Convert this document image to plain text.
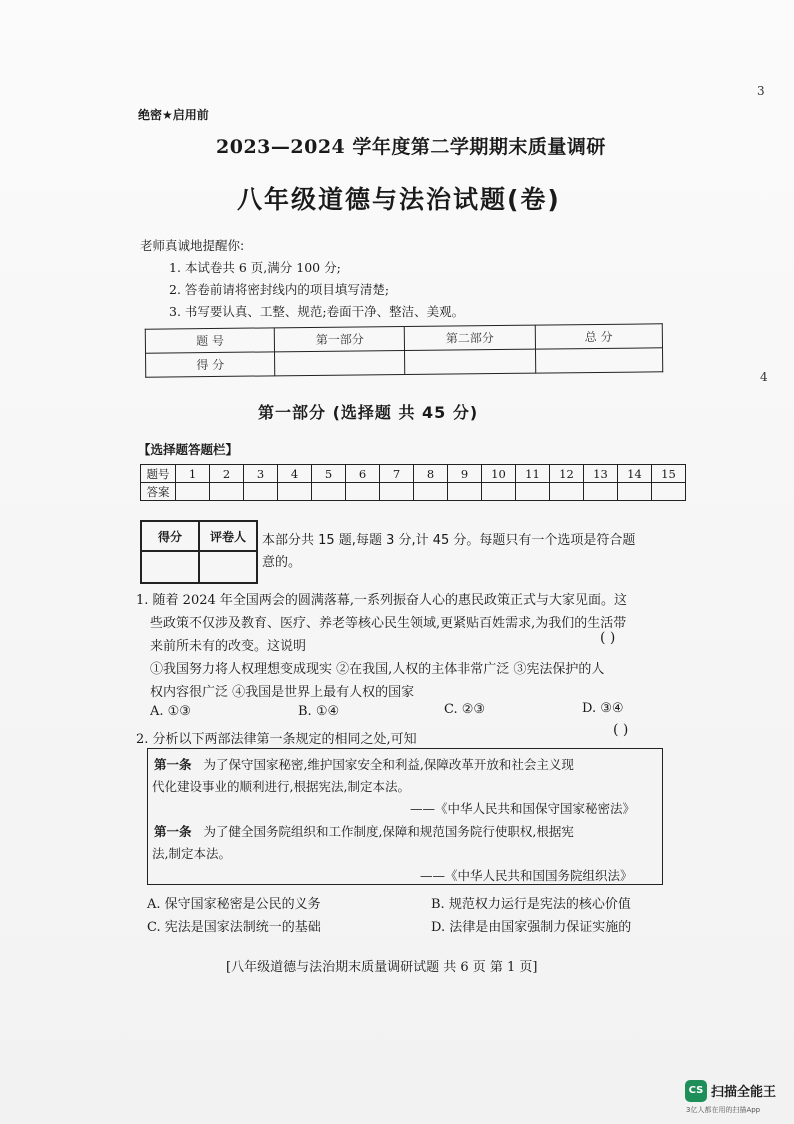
3
4
绝密★启用前
2023—2024 学年度第二学期期末质量调研
八年级道德与法治试题(卷)
老师真诚地提醒你:
1. 本试卷共 6 页,满分 100 分;
2. 答卷前请将密封线内的项目填写清楚;
3. 书写要认真、工整、规范;卷面干净、整洁、美观。
题 号	第一部分	第二部分	总 分
得 分			
第一部分 (选择题 共 45 分)
【选择题答题栏】
题号	1	2	3	4	5	6	7	8	9	10	11	12	13	14	15
答案															
得分	评卷人
	本部分共 15 题,每题 3 分,计 45 分。每题只有一个选项是符合题
意的。
1. 随着 2024 年全国两会的圆满落幕,一系列振奋人心的惠民政策正式与大家见面。这
些政策不仅涉及教育、医疗、养老等核心民生领域,更紧贴百姓需求,为我们的生活带
来前所未有的改变。这说明
( )
①我国努力将人权理想变成现实 ②在我国,人权的主体非常广泛 ③宪法保护的人
权内容很广泛 ④我国是世界上最有人权的国家
A. ①③	B. ①④	C. ②③	D. ③④
2. 分析以下两部法律第一条规定的相同之处,可知
( )
第一条 为了保守国家秘密,维护国家安全和利益,保障改革开放和社会主义现
代化建设事业的顺利进行,根据宪法,制定本法。
——《中华人民共和国保守国家秘密法》
第一条 为了健全国务院组织和工作制度,保障和规范国务院行使职权,根据宪
法,制定本法。
——《中华人民共和国国务院组织法》
A. 保守国家秘密是公民的义务	B. 规范权力运行是宪法的核心价值
C. 宪法是国家法制统一的基础	D. 法律是由国家强制力保证实施的
[八年级道德与法治期末质量调研试题 共 6 页 第 1 页]
CS 扫描全能王
3亿人都在用的扫描App
